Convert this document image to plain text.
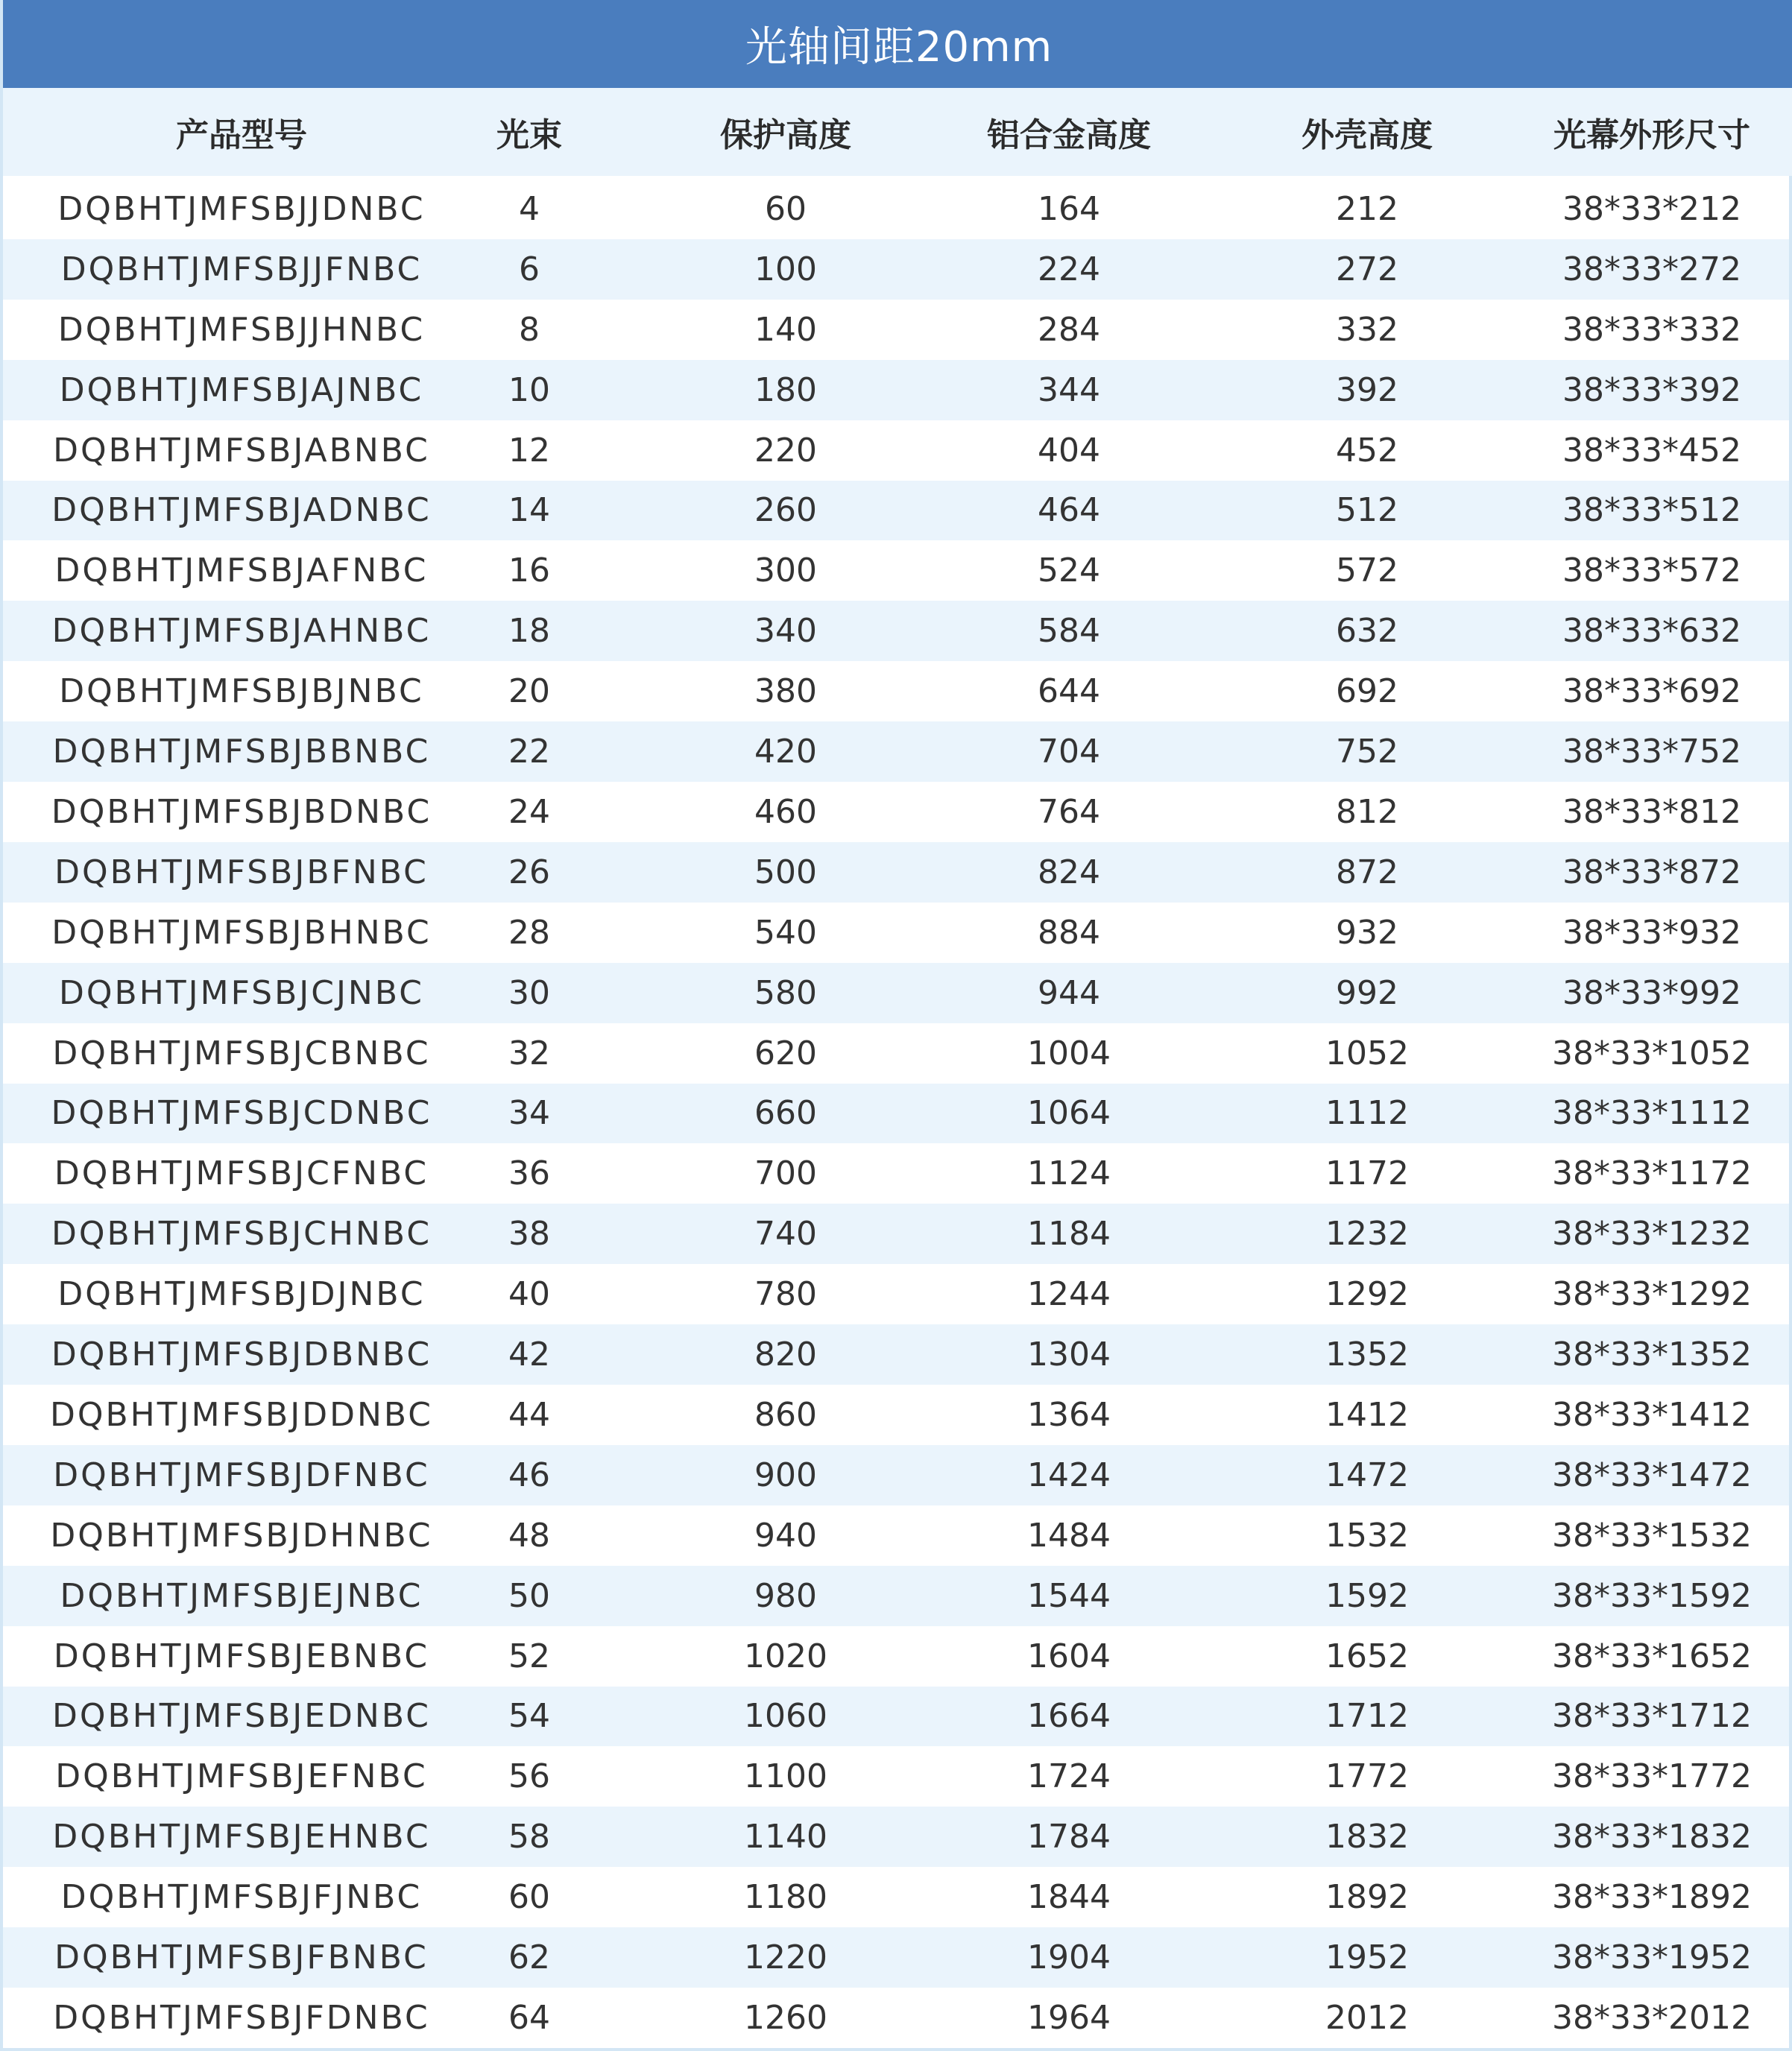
光轴间距20mm
产品型号	光束	保护高度	铝合金高度	外壳高度	光幕外形尺寸
DQBHTJMFSBJJDNBC	4	60	164	212	38*33*212
DQBHTJMFSBJJFNBC	6	100	224	272	38*33*272
DQBHTJMFSBJJHNBC	8	140	284	332	38*33*332
DQBHTJMFSBJAJNBC	10	180	344	392	38*33*392
DQBHTJMFSBJABNBC	12	220	404	452	38*33*452
DQBHTJMFSBJADNBC	14	260	464	512	38*33*512
DQBHTJMFSBJAFNBC	16	300	524	572	38*33*572
DQBHTJMFSBJAHNBC	18	340	584	632	38*33*632
DQBHTJMFSBJBJNBC	20	380	644	692	38*33*692
DQBHTJMFSBJBBNBC	22	420	704	752	38*33*752
DQBHTJMFSBJBDNBC	24	460	764	812	38*33*812
DQBHTJMFSBJBFNBC	26	500	824	872	38*33*872
DQBHTJMFSBJBHNBC	28	540	884	932	38*33*932
DQBHTJMFSBJCJNBC	30	580	944	992	38*33*992
DQBHTJMFSBJCBNBC	32	620	1004	1052	38*33*1052
DQBHTJMFSBJCDNBC	34	660	1064	1112	38*33*1112
DQBHTJMFSBJCFNBC	36	700	1124	1172	38*33*1172
DQBHTJMFSBJCHNBC	38	740	1184	1232	38*33*1232
DQBHTJMFSBJDJNBC	40	780	1244	1292	38*33*1292
DQBHTJMFSBJDBNBC	42	820	1304	1352	38*33*1352
DQBHTJMFSBJDDNBC	44	860	1364	1412	38*33*1412
DQBHTJMFSBJDFNBC	46	900	1424	1472	38*33*1472
DQBHTJMFSBJDHNBC	48	940	1484	1532	38*33*1532
DQBHTJMFSBJEJNBC	50	980	1544	1592	38*33*1592
DQBHTJMFSBJEBNBC	52	1020	1604	1652	38*33*1652
DQBHTJMFSBJEDNBC	54	1060	1664	1712	38*33*1712
DQBHTJMFSBJEFNBC	56	1100	1724	1772	38*33*1772
DQBHTJMFSBJEHNBC	58	1140	1784	1832	38*33*1832
DQBHTJMFSBJFJNBC	60	1180	1844	1892	38*33*1892
DQBHTJMFSBJFBNBC	62	1220	1904	1952	38*33*1952
DQBHTJMFSBJFDNBC	64	1260	1964	2012	38*33*2012
